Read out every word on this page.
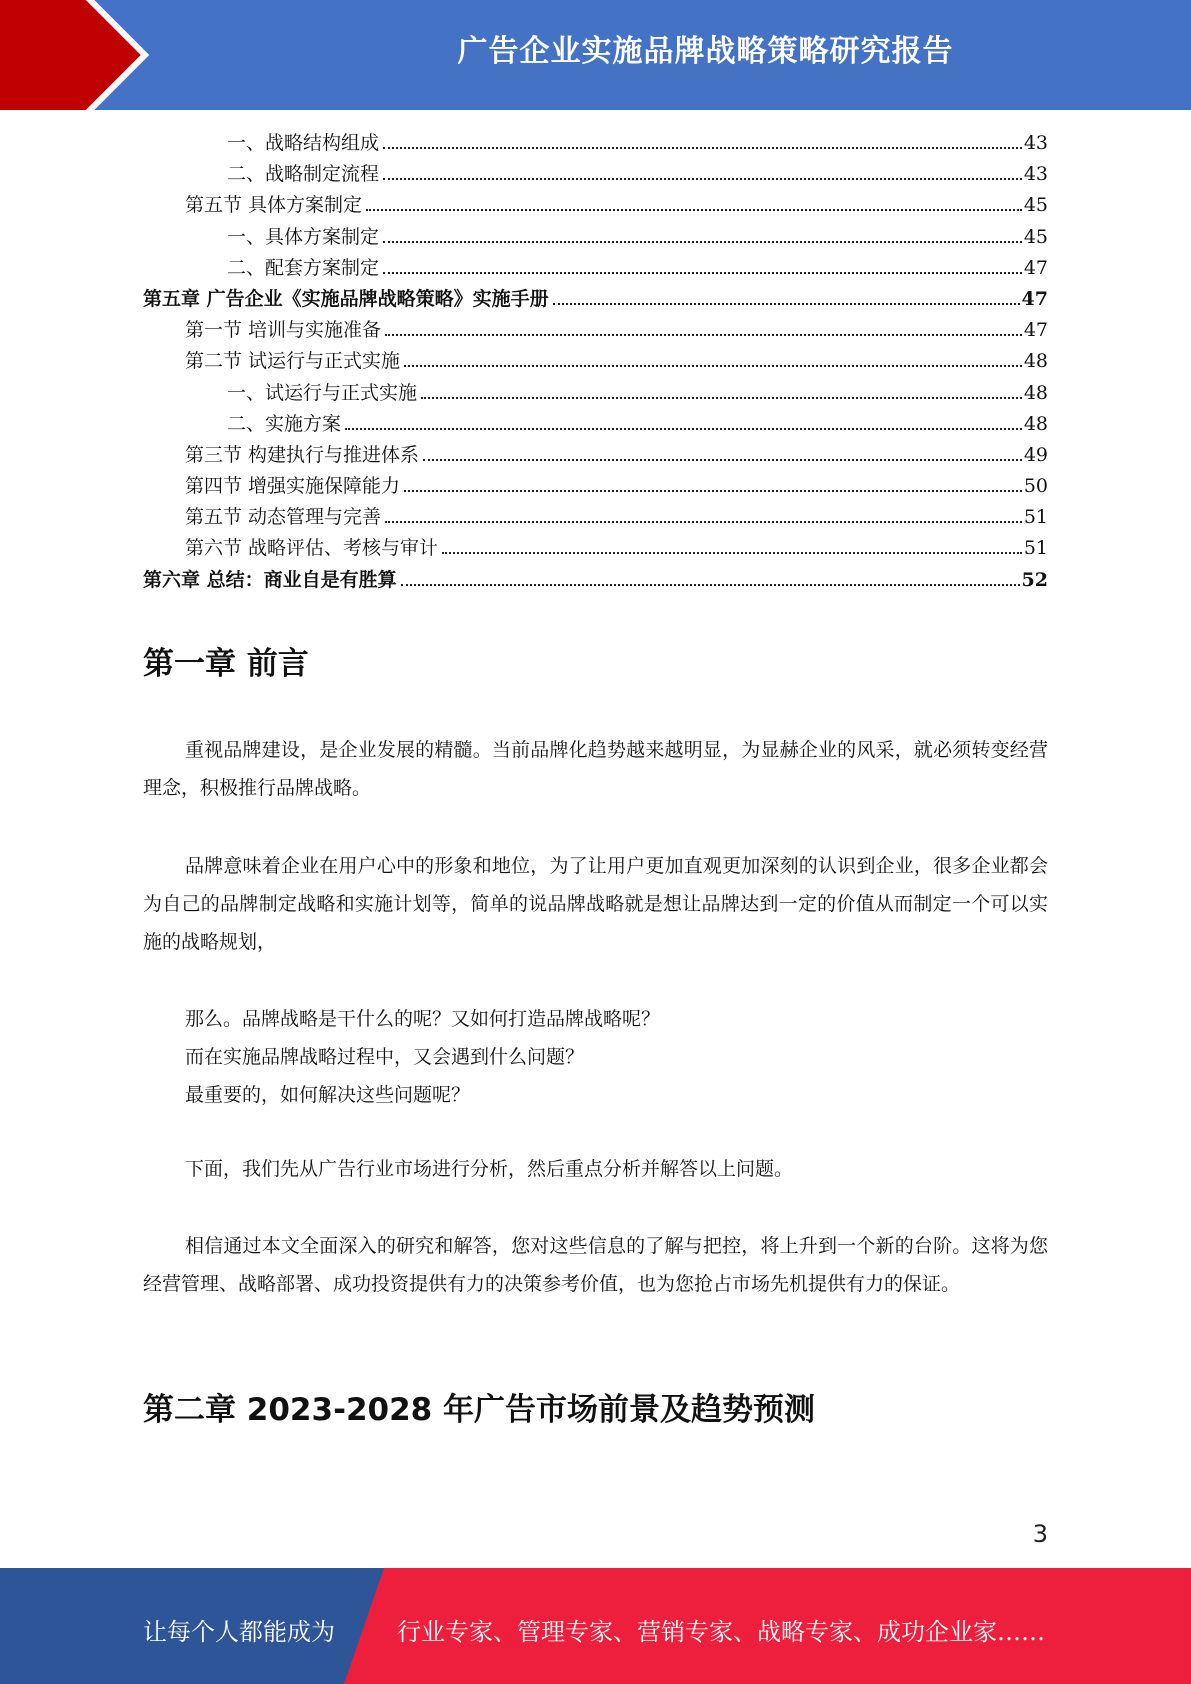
广告企业实施品牌战略策略研究报告
一、战略结构组成	43
二、战略制定流程	43
第五节 具体方案制定	45
一、具体方案制定	45
二、配套方案制定	47
第五章 广告企业《实施品牌战略策略》实施手册	47
第一节 培训与实施准备	47
第二节 试运行与正式实施	48
一、试运行与正式实施	48
二、实施方案	48
第三节 构建执行与推进体系	49
第四节 增强实施保障能力	50
第五节 动态管理与完善	51
第六节 战略评估、考核与审计	51
第六章 总结：商业自是有胜算	52
第一章 前言

重视品牌建设，是企业发展的精髓。当前品牌化趋势越来越明显，为显赫企业的风采，就必须转变经营理念，积极推行品牌战略。

品牌意味着企业在用户心中的形象和地位，为了让用户更加直观更加深刻的认识到企业，很多企业都会为自己的品牌制定战略和实施计划等，简单的说品牌战略就是想让品牌达到一定的价值从而制定一个可以实施的战略规划，

那么。品牌战略是干什么的呢？又如何打造品牌战略呢？

而在实施品牌战略过程中，又会遇到什么问题？

最重要的，如何解决这些问题呢？

下面，我们先从广告行业市场进行分析，然后重点分析并解答以上问题。

相信通过本文全面深入的研究和解答，您对这些信息的了解与把控，将上升到一个新的台阶。这将为您经营管理、战略部署、成功投资提供有力的决策参考价值，也为您抢占市场先机提供有力的保证。

第二章 2023-2028 年广告市场前景及趋势预测
3
让每个人都能成为	行业专家、管理专家、营销专家、战略专家、成功企业家……
